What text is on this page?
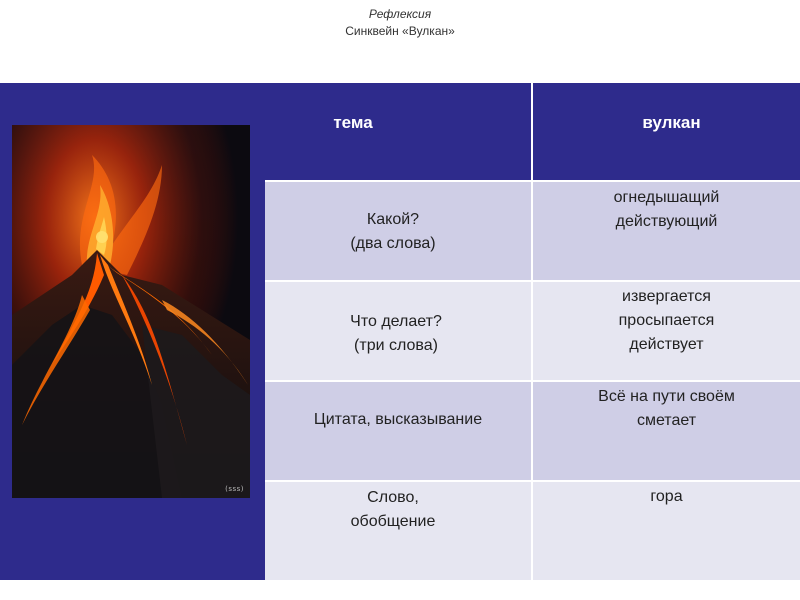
Рефлексия
Синквейн «Вулкан»
(sss)
тема	вулкан
Какой?
(два слова)
огнедышащий
действующий
Что делает?
(три слова)
извергается
просыпается
действует
Цитата, высказывание
Всё на пути своём
сметает
Слово,
обобщение
гора
